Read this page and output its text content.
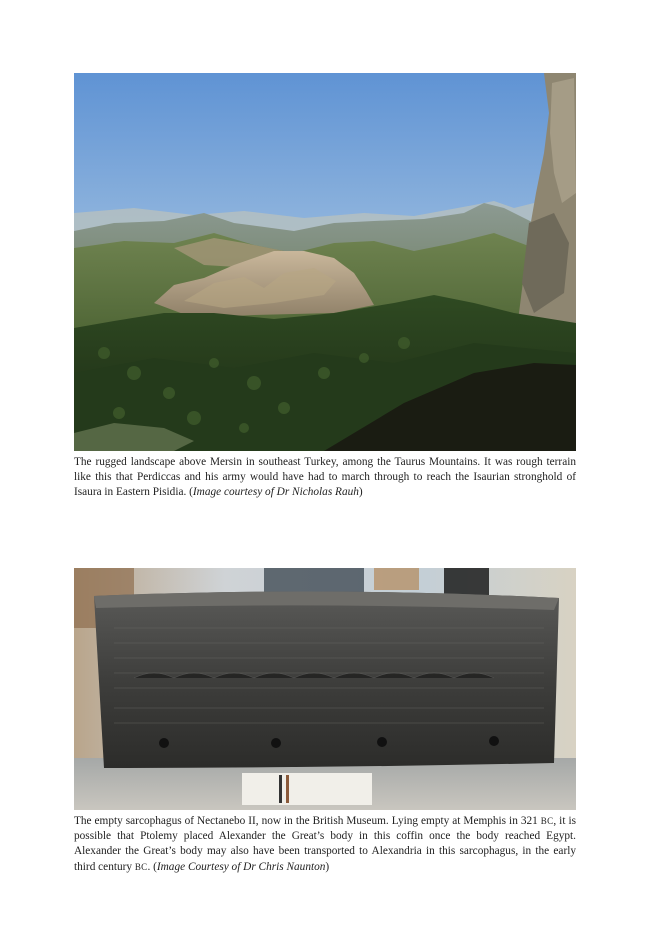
The rugged landscape above Mersin in southeast Turkey, among the Taurus Mountains. It was rough terrain like this that Perdiccas and his army would have had to march through to reach the Isaurian stronghold of Isaura in Eastern Pisidia. (Image courtesy of Dr Nicholas Rauh)

The empty sarcophagus of Nectanebo II, now in the British Museum. Lying empty at Memphis in 321 BC, it is possible that Ptolemy placed Alexander the Great’s body in this coffin once the body reached Egypt. Alexander the Great’s body may also have been transported to Alexandria in this sarcophagus, in the early third century BC. (Image Courtesy of Dr Chris Naunton)
